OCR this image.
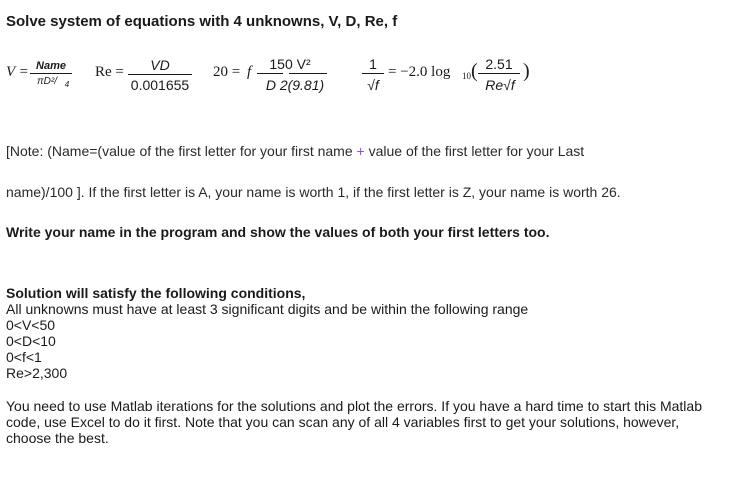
Solve system of equations with 4 unknowns, V, D, Re, f
V = Name
πD²/ 4
Re =	VD
0.001655
20 = f	150 V²
D 2(9.81)
1
√f
= −2.0 log 10 ( 2.51
Re√f
)
[Note: (Name=(value of the first letter for your first name + value of the first letter for your Last
name)/100 ]. If the first letter is A, your name is worth 1, if the first letter is Z, your name is worth 26.
Write your name in the program and show the values of both your first letters too.
Solution will satisfy the following conditions,
All unknowns must have at least 3 significant digits and be within the following range
0<V<50
0<D<10
0<f<1
Re>2,300
You need to use Matlab iterations for the solutions and plot the errors. If you have a hard time to start this Matlab code, use Excel to do it first. Note that you can scan any of all 4 variables first to get your solutions, however, choose the best.
